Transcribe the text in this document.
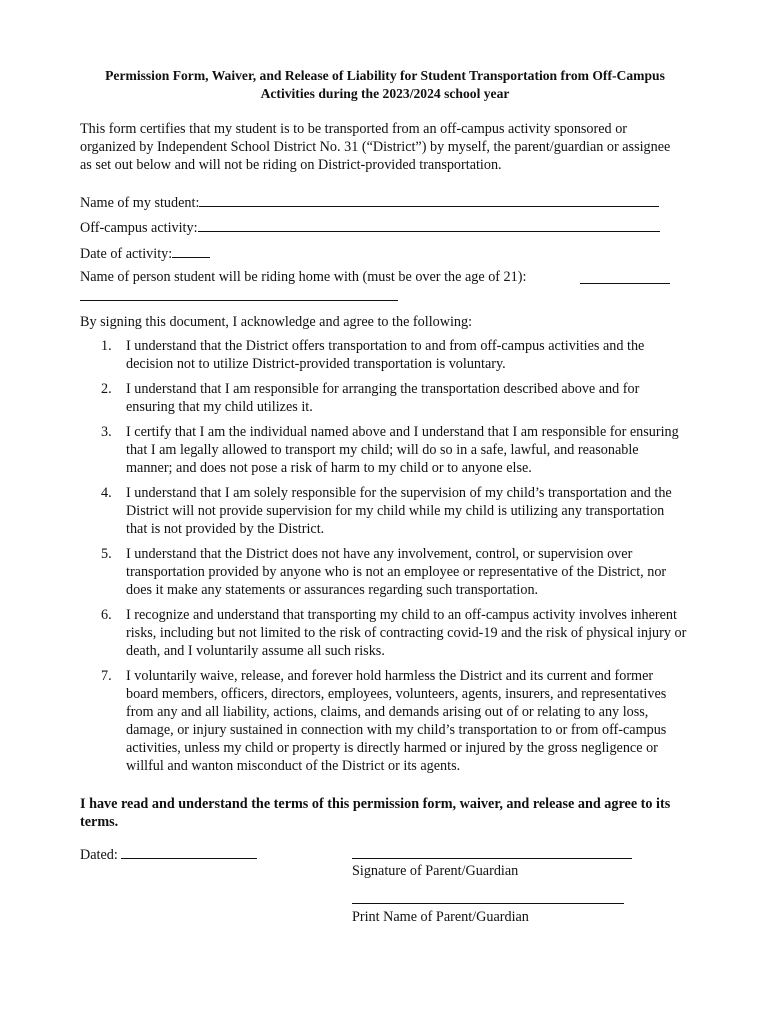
Permission Form, Waiver, and Release of Liability for Student Transportation from Off-Campus Activities during the 2023/2024 school year
This form certifies that my student is to be transported from an off-campus activity sponsored or organized by Independent School District No. 31 (“District”) by myself, the parent/guardian or assignee as set out below and will not be riding on District-provided transportation.
Name of my student:
Off-campus activity:
Date of activity:
Name of person student will be riding home with (must be over the age of 21):
By signing this document, I acknowledge and agree to the following:
1. I understand that the District offers transportation to and from off-campus activities and the decision not to utilize District-provided transportation is voluntary.
2. I understand that I am responsible for arranging the transportation described above and for ensuring that my child utilizes it.
3. I certify that I am the individual named above and I understand that I am responsible for ensuring that I am legally allowed to transport my child; will do so in a safe, lawful, and reasonable manner; and does not pose a risk of harm to my child or to anyone else.
4. I understand that I am solely responsible for the supervision of my child’s transportation and the District will not provide supervision for my child while my child is utilizing any transportation that is not provided by the District.
5. I understand that the District does not have any involvement, control, or supervision over transportation provided by anyone who is not an employee or representative of the District, nor does it make any statements or assurances regarding such transportation.
6. I recognize and understand that transporting my child to an off-campus activity involves inherent risks, including but not limited to the risk of contracting covid-19 and the risk of physical injury or death, and I voluntarily assume all such risks.
7. I voluntarily waive, release, and forever hold harmless the District and its current and former board members, officers, directors, employees, volunteers, agents, insurers, and representatives from any and all liability, actions, claims, and demands arising out of or relating to any loss, damage, or injury sustained in connection with my child’s transportation to or from off-campus activities, unless my child or property is directly harmed or injured by the gross negligence or willful and wanton misconduct of the District or its agents.
I have read and understand the terms of this permission form, waiver, and release and agree to its terms.
Dated:
Signature of Parent/Guardian
Print Name of Parent/Guardian
